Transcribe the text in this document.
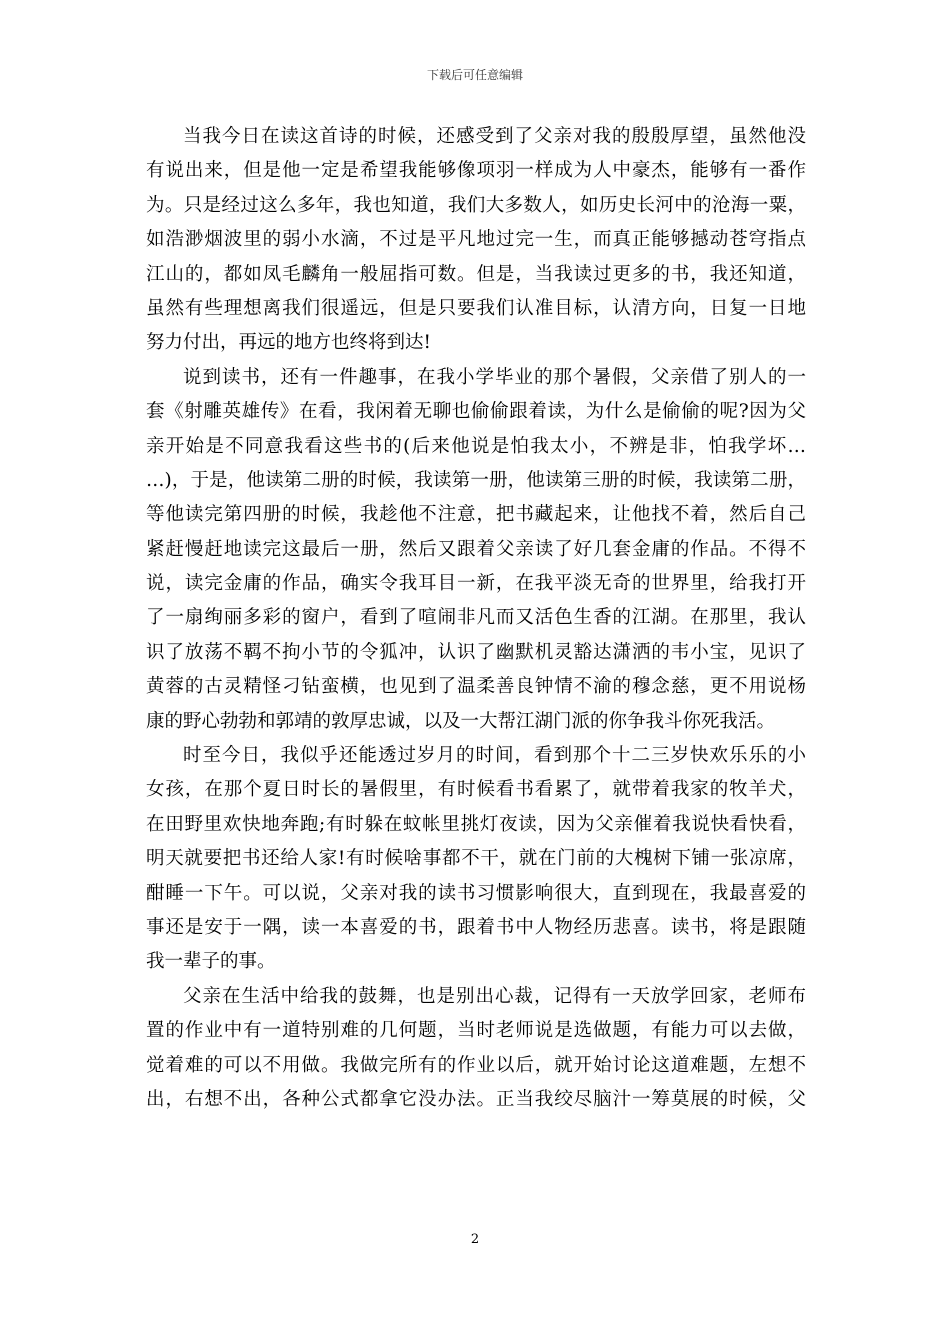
下载后可任意编辑
当我今日在读这首诗的时候，还感受到了父亲对我的殷殷厚望，虽然他没
有说出来，但是他一定是希望我能够像项羽一样成为人中豪杰，能够有一番作
为。只是经过这么多年，我也知道，我们大多数人，如历史长河中的沧海一粟，
如浩渺烟波里的弱小水滴，不过是平凡地过完一生，而真正能够撼动苍穹指点
江山的，都如凤毛麟角一般屈指可数。但是，当我读过更多的书，我还知道，
虽然有些理想离我们很遥远，但是只要我们认准目标，认清方向，日复一日地
努力付出，再远的地方也终将到达!
说到读书，还有一件趣事，在我小学毕业的那个暑假，父亲借了别人的一
套《射雕英雄传》在看，我闲着无聊也偷偷跟着读，为什么是偷偷的呢?因为父
亲开始是不同意我看这些书的(后来他说是怕我太小，不辨是非，怕我学坏…
…)，于是，他读第二册的时候，我读第一册，他读第三册的时候，我读第二册，
等他读完第四册的时候，我趁他不注意，把书藏起来，让他找不着，然后自己
紧赶慢赶地读完这最后一册，然后又跟着父亲读了好几套金庸的作品。不得不
说，读完金庸的作品，确实令我耳目一新，在我平淡无奇的世界里，给我打开
了一扇绚丽多彩的窗户，看到了喧闹非凡而又活色生香的江湖。在那里，我认
识了放荡不羁不拘小节的令狐冲，认识了幽默机灵豁达潇洒的韦小宝，见识了
黄蓉的古灵精怪刁钻蛮横，也见到了温柔善良钟情不渝的穆念慈，更不用说杨
康的野心勃勃和郭靖的敦厚忠诚，以及一大帮江湖门派的你争我斗你死我活。
时至今日，我似乎还能透过岁月的时间，看到那个十二三岁快欢乐乐的小
女孩，在那个夏日时长的暑假里，有时候看书看累了，就带着我家的牧羊犬，
在田野里欢快地奔跑;有时躲在蚊帐里挑灯夜读，因为父亲催着我说快看快看，
明天就要把书还给人家!有时候啥事都不干，就在门前的大槐树下铺一张凉席，
酣睡一下午。可以说，父亲对我的读书习惯影响很大，直到现在，我最喜爱的
事还是安于一隅，读一本喜爱的书，跟着书中人物经历悲喜。读书，将是跟随
我一辈子的事。
父亲在生活中给我的鼓舞，也是别出心裁，记得有一天放学回家，老师布
置的作业中有一道特别难的几何题，当时老师说是选做题，有能力可以去做，
觉着难的可以不用做。我做完所有的作业以后，就开始讨论这道难题，左想不
出，右想不出，各种公式都拿它没办法。正当我绞尽脑汁一筹莫展的时候，父
2
